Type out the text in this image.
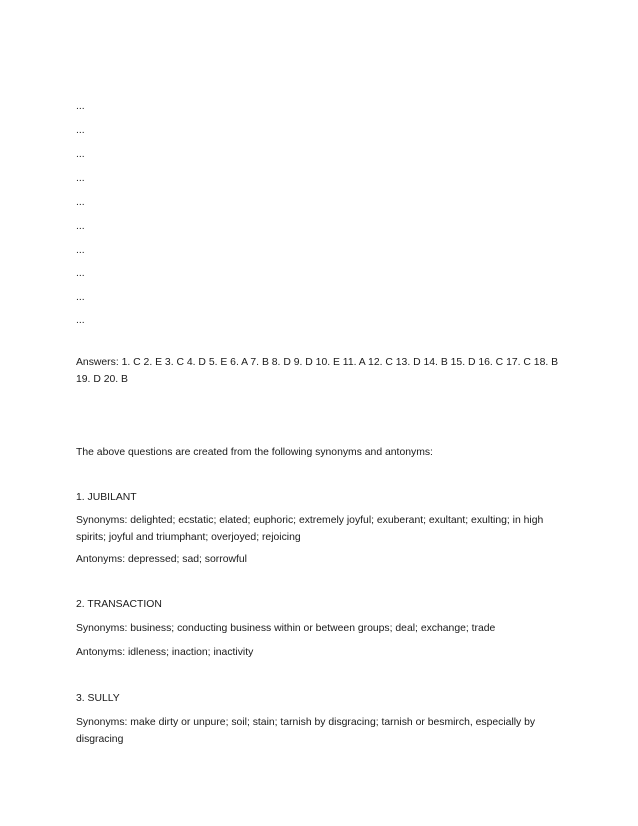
...
...
...
...
...
...
...
...
...
...
Answers: 1. C 2. E 3. C 4. D 5. E 6. A 7. B 8. D 9. D 10. E 11. A 12. C 13. D 14. B 15. D 16. C 17. C 18. B 19. D 20. B
The above questions are created from the following synonyms and antonyms:
1. JUBILANT
Synonyms: delighted; ecstatic; elated; euphoric; extremely joyful; exuberant; exultant; exulting; in high spirits; joyful and triumphant; overjoyed; rejoicing
Antonyms: depressed; sad; sorrowful
2. TRANSACTION
Synonyms: business; conducting business within or between groups; deal; exchange; trade
Antonyms: idleness; inaction; inactivity
3. SULLY
Synonyms: make dirty or unpure; soil; stain; tarnish by disgracing; tarnish or besmirch, especially by disgracing
